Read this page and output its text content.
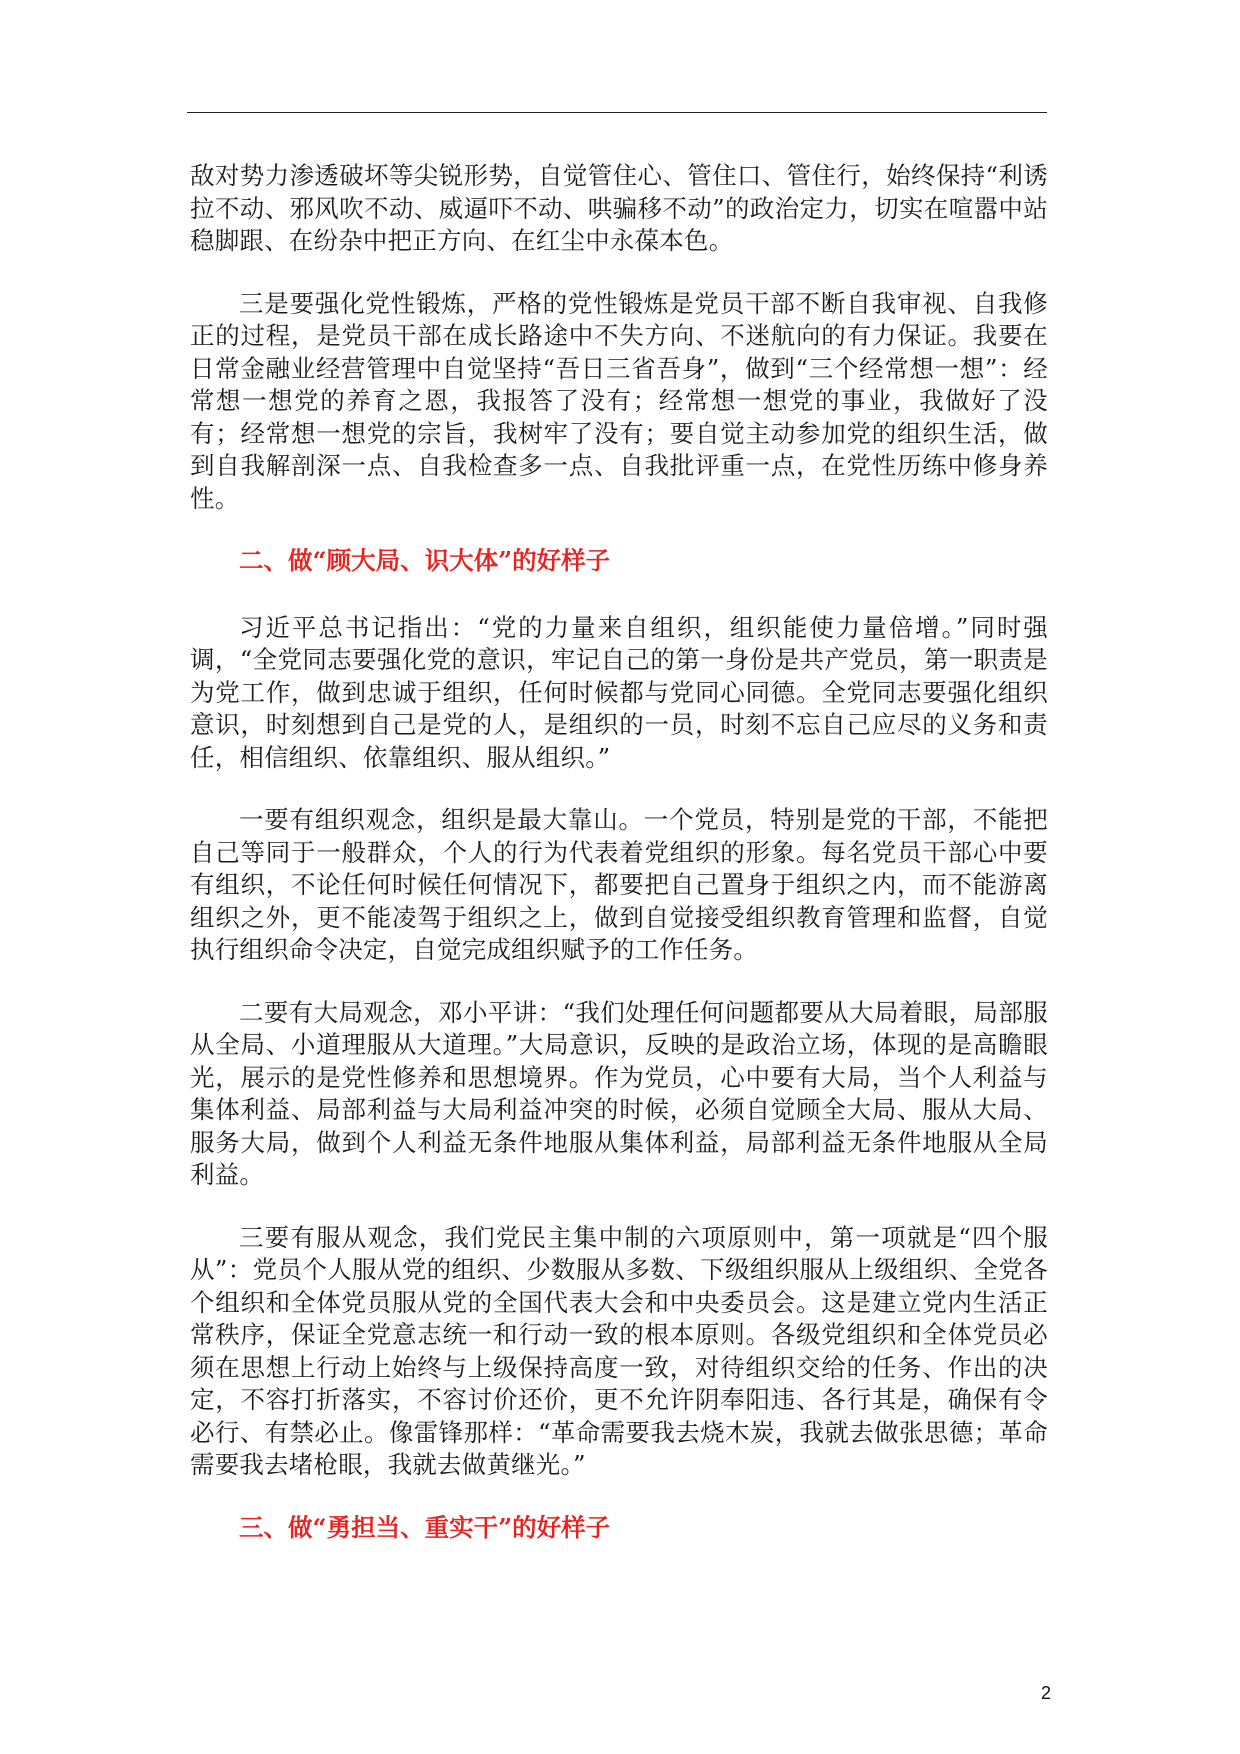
敌对势力渗透破坏等尖锐形势，自觉管住心、管住口、管住行，始终保持“利诱拉不动、邪风吹不动、威逼吓不动、哄骗移不动”的政治定力，切实在喧嚣中站稳脚跟、在纷杂中把正方向、在红尘中永葆本色。

三是要强化党性锻炼，严格的党性锻炼是党员干部不断自我审视、自我修正的过程，是党员干部在成长路途中不失方向、不迷航向的有力保证。我要在日常金融业经营管理中自觉坚持“吾日三省吾身”，做到“三个经常想一想”：经常想一想党的养育之恩，我报答了没有；经常想一想党的事业，我做好了没有；经常想一想党的宗旨，我树牢了没有；要自觉主动参加党的组织生活，做到自我解剖深一点、自我检查多一点、自我批评重一点，在党性历练中修身养性。

二、做“顾大局、识大体”的好样子

习近平总书记指出：“党的力量来自组织，组织能使力量倍增。”同时强调，“全党同志要强化党的意识，牢记自己的第一身份是共产党员，第一职责是为党工作，做到忠诚于组织，任何时候都与党同心同德。全党同志要强化组织意识，时刻想到自己是党的人，是组织的一员，时刻不忘自己应尽的义务和责任，相信组织、依靠组织、服从组织。”

一要有组织观念，组织是最大靠山。一个党员，特别是党的干部，不能把自己等同于一般群众，个人的行为代表着党组织的形象。每名党员干部心中要有组织，不论任何时候任何情况下，都要把自己置身于组织之内，而不能游离组织之外，更不能凌驾于组织之上，做到自觉接受组织教育管理和监督，自觉执行组织命令决定，自觉完成组织赋予的工作任务。

二要有大局观念，邓小平讲：“我们处理任何问题都要从大局着眼，局部服从全局、小道理服从大道理。”大局意识，反映的是政治立场，体现的是高瞻眼光，展示的是党性修养和思想境界。作为党员，心中要有大局，当个人利益与集体利益、局部利益与大局利益冲突的时候，必须自觉顾全大局、服从大局、服务大局，做到个人利益无条件地服从集体利益，局部利益无条件地服从全局利益。

三要有服从观念，我们党民主集中制的六项原则中，第一项就是“四个服从”：党员个人服从党的组织、少数服从多数、下级组织服从上级组织、全党各个组织和全体党员服从党的全国代表大会和中央委员会。这是建立党内生活正常秩序，保证全党意志统一和行动一致的根本原则。各级党组织和全体党员必须在思想上行动上始终与上级保持高度一致，对待组织交给的任务、作出的决定，不容打折落实，不容讨价还价，更不允许阴奉阳违、各行其是，确保有令必行、有禁必止。像雷锋那样：“革命需要我去烧木炭，我就去做张思德；革命需要我去堵枪眼，我就去做黄继光。”

三、做“勇担当、重实干”的好样子
2
